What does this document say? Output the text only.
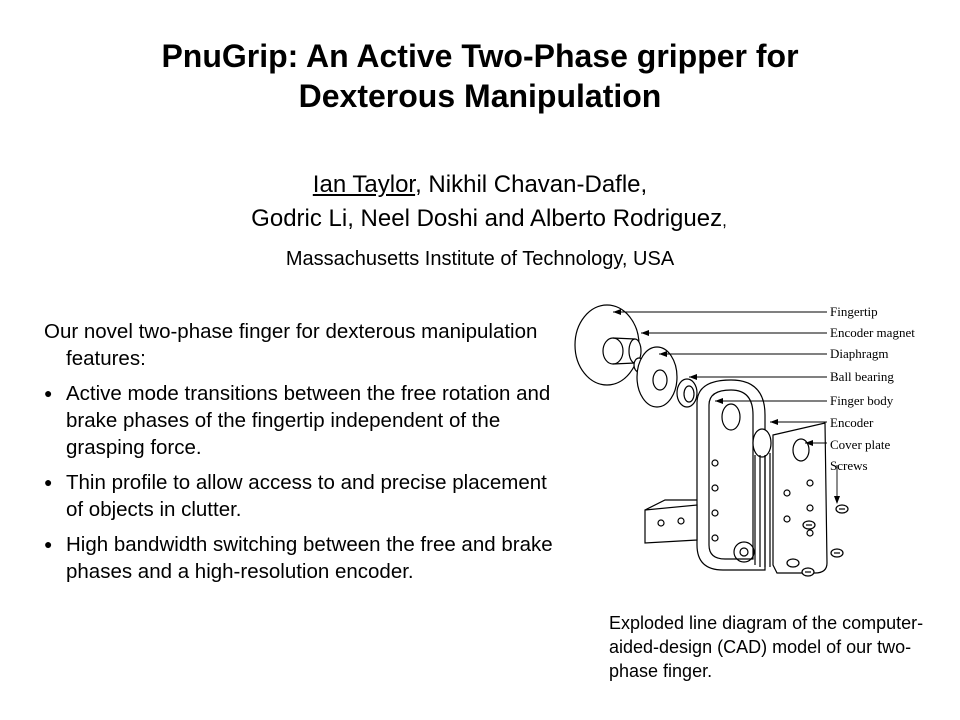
PnuGrip: An Active Two-Phase gripper for
Dexterous Manipulation
Ian Taylor, Nikhil Chavan-Dafle,
Godric Li, Neel Doshi and Alberto Rodriguez,
Massachusetts Institute of Technology, USA
Our novel two-phase finger for dexterous manipulation features:
● Active mode transitions between the free rotation and brake phases of the fingertip independent of the grasping force.
● Thin profile to allow access to and precise placement of objects in clutter.
● High bandwidth switching between the free and brake phases and a high-resolution encoder.
Fingertip
Encoder magnet
Diaphragm
Ball bearing
Finger body
Encoder
Cover plate
Screws
Exploded line diagram of the computer-aided-design (CAD) model of our two-phase finger.
